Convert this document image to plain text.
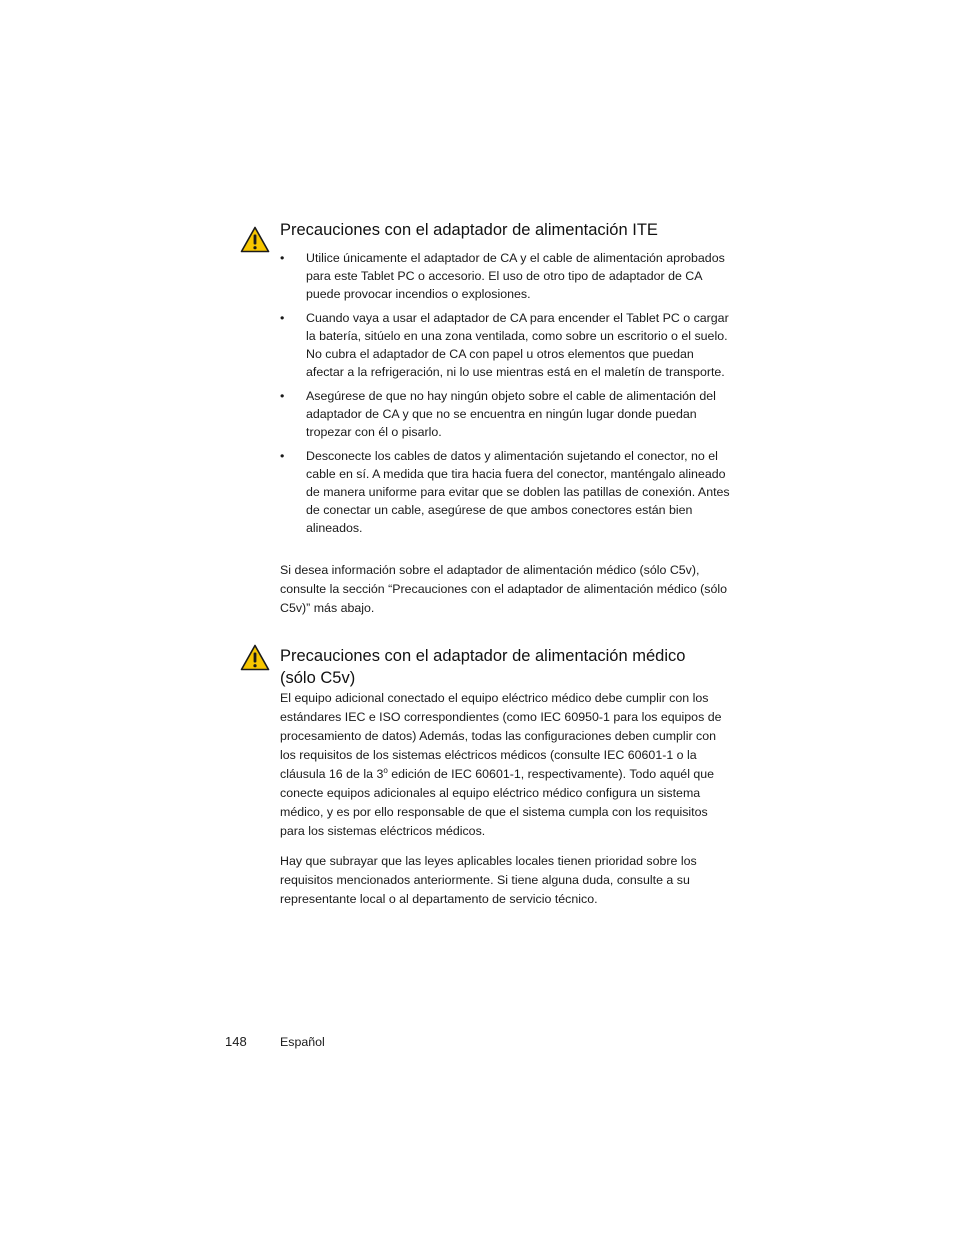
Precauciones con el adaptador de alimentación ITE
• Utilice únicamente el adaptador de CA y el cable de alimentación aprobados para este Tablet PC o accesorio. El uso de otro tipo de adaptador de CA puede provocar incendios o explosiones.
• Cuando vaya a usar el adaptador de CA para encender el Tablet PC o cargar la batería, sitúelo en una zona ventilada, como sobre un escritorio o el suelo. No cubra el adaptador de CA con papel u otros elementos que puedan afectar a la refrigeración, ni lo use mientras está en el maletín de transporte.
• Asegúrese de que no hay ningún objeto sobre el cable de alimentación del adaptador de CA y que no se encuentra en ningún lugar donde puedan tropezar con él o pisarlo.
• Desconecte los cables de datos y alimentación sujetando el conector, no el cable en sí. A medida que tira hacia fuera del conector, manténgalo alineado de manera uniforme para evitar que se doblen las patillas de conexión. Antes de conectar un cable, asegúrese de que ambos conectores están bien alineados.

Si desea información sobre el adaptador de alimentación médico (sólo C5v), consulte la sección “Precauciones con el adaptador de alimentación médico (sólo C5v)” más abajo.

Precauciones con el adaptador de alimentación médico (sólo C5v)

El equipo adicional conectado el equipo eléctrico médico debe cumplir con los estándares IEC e ISO correspondientes (como IEC 60950-1 para los equipos de procesamiento de datos) Además, todas las configuraciones deben cumplir con los requisitos de los sistemas eléctricos médicos (consulte IEC 60601-1 o la cláusula 16 de la 3$^o$ edición de IEC 60601-1, respectivamente). Todo aquél que conecte equipos adicionales al equipo eléctrico médico configura un sistema médico, y es por ello responsable de que el sistema cumpla con los requisitos para los sistemas eléctricos médicos.

Hay que subrayar que las leyes aplicables locales tienen prioridad sobre los requisitos mencionados anteriormente. Si tiene alguna duda, consulte a su representante local o al departamento de servicio técnico.

148	Español
